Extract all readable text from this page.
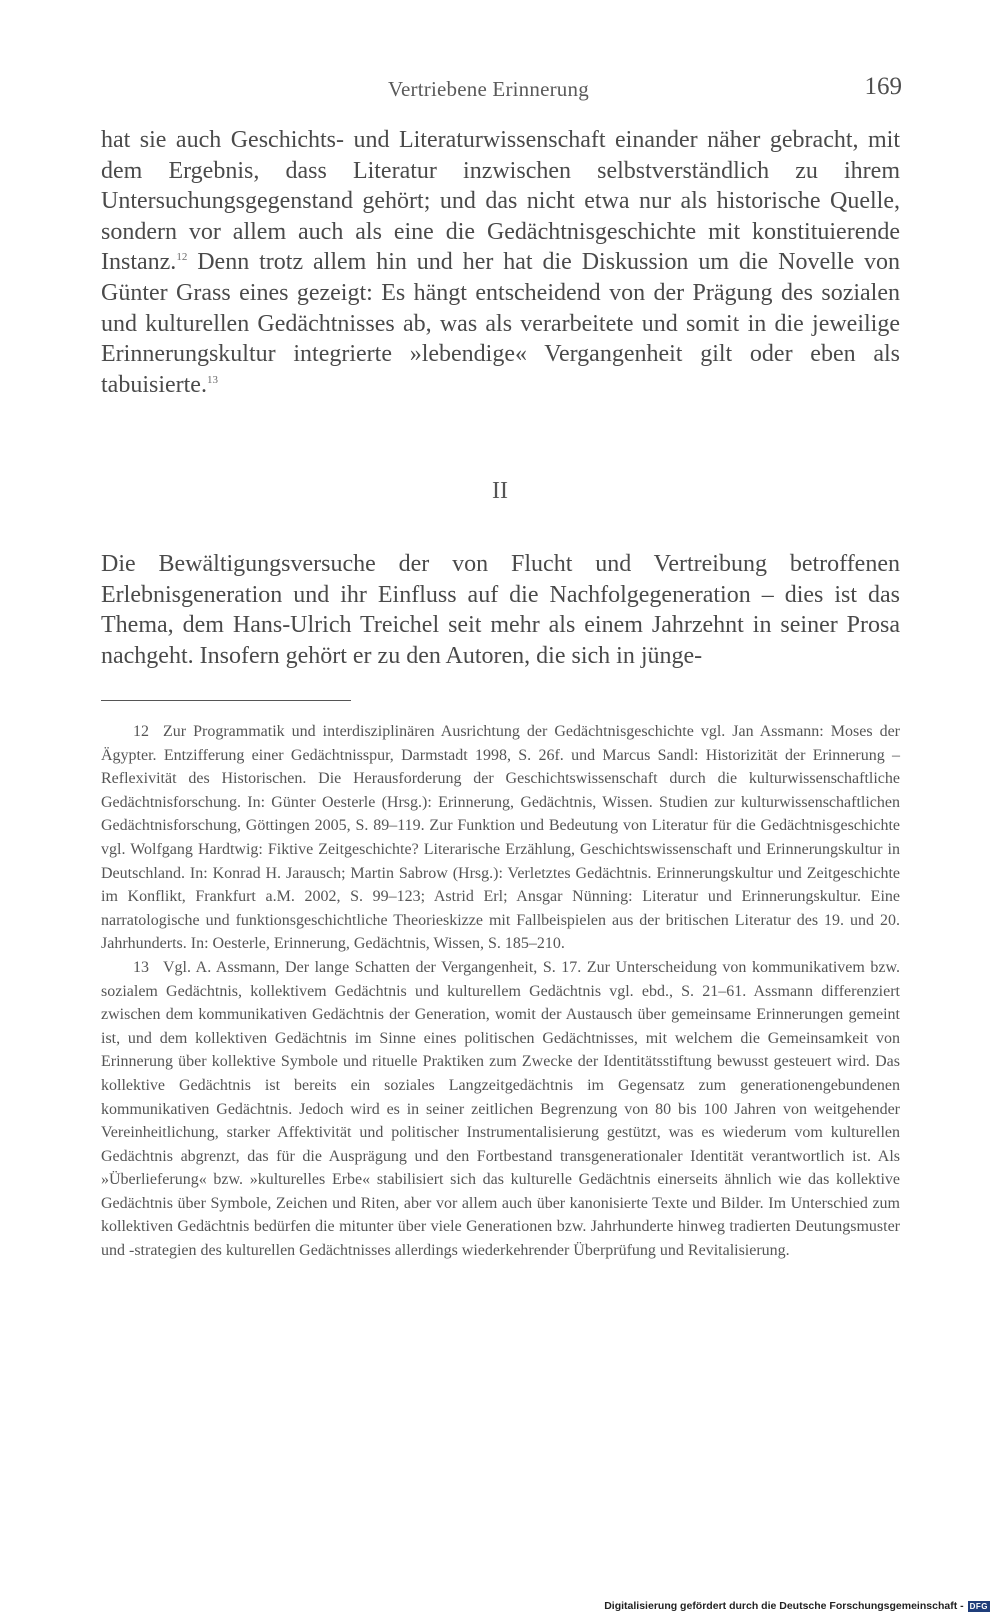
Vertriebene Erinnerung	169

hat sie auch Geschichts- und Literaturwissenschaft einander näher gebracht, mit dem Ergebnis, dass Literatur inzwischen selbstverständlich zu ihrem Untersuchungsgegenstand gehört; und das nicht etwa nur als historische Quelle, sondern vor allem auch als eine die Gedächtnisgeschichte mit konstituierende Instanz.$^{12}$ Denn trotz allem hin und her hat die Diskussion um die Novelle von Günter Grass eines gezeigt: Es hängt entscheidend von der Prägung des sozialen und kulturellen Gedächtnisses ab, was als verarbeitete und somit in die jeweilige Erinnerungskultur integrierte »lebendige« Vergangenheit gilt oder eben als tabuisierte.$^{13}$

II

Die Bewältigungsversuche der von Flucht und Vertreibung betroffenen Erlebnisgeneration und ihr Einfluss auf die Nachfolgegeneration – dies ist das Thema, dem Hans-Ulrich Treichel seit mehr als einem Jahrzehnt in seiner Prosa nachgeht. Insofern gehört er zu den Autoren, die sich in jünge-

12 Zur Programmatik und interdisziplinären Ausrichtung der Gedächtnisgeschichte vgl. Jan Assmann: Moses der Ägypter. Entzifferung einer Gedächtnisspur, Darmstadt 1998, S. 26f. und Marcus Sandl: Historizität der Erinnerung – Reflexivität des Historischen. Die Herausforderung der Geschichtswissenschaft durch die kulturwissenschaftliche Gedächtnisforschung. In: Günter Oesterle (Hrsg.): Erinnerung, Gedächtnis, Wissen. Studien zur kulturwissenschaftlichen Gedächtnisforschung, Göttingen 2005, S. 89–119. Zur Funktion und Bedeutung von Literatur für die Gedächtnisgeschichte vgl. Wolfgang Hardtwig: Fiktive Zeitgeschichte? Literarische Erzählung, Geschichtswissenschaft und Erinnerungskultur in Deutschland. In: Konrad H. Jarausch; Martin Sabrow (Hrsg.): Verletztes Gedächtnis. Erinnerungskultur und Zeitgeschichte im Konflikt, Frankfurt a.M. 2002, S. 99–123; Astrid Erl; Ansgar Nünning: Literatur und Erinnerungskultur. Eine narratologische und funktionsgeschichtliche Theorieskizze mit Fallbeispielen aus der britischen Literatur des 19. und 20. Jahrhunderts. In: Oesterle, Erinnerung, Gedächtnis, Wissen, S. 185–210.

13 Vgl. A. Assmann, Der lange Schatten der Vergangenheit, S. 17. Zur Unterscheidung von kommunikativem bzw. sozialem Gedächtnis, kollektivem Gedächtnis und kulturellem Gedächtnis vgl. ebd., S. 21–61. Assmann differenziert zwischen dem kommunikativen Gedächtnis der Generation, womit der Austausch über gemeinsame Erinnerungen gemeint ist, und dem kollektiven Gedächtnis im Sinne eines politischen Gedächtnisses, mit welchem die Gemeinsamkeit von Erinnerung über kollektive Symbole und rituelle Praktiken zum Zwecke der Identitätsstiftung bewusst gesteuert wird. Das kollektive Gedächtnis ist bereits ein soziales Langzeitgedächtnis im Gegensatz zum generationengebundenen kommunikativen Gedächtnis. Jedoch wird es in seiner zeitlichen Begrenzung von 80 bis 100 Jahren von weitgehender Vereinheitlichung, starker Affektivität und politischer Instrumentalisierung gestützt, was es wiederum vom kulturellen Gedächtnis abgrenzt, das für die Ausprägung und den Fortbestand transgenerationaler Identität verantwortlich ist. Als »Überlieferung« bzw. »kulturelles Erbe« stabilisiert sich das kulturelle Gedächtnis einerseits ähnlich wie das kollektive Gedächtnis über Symbole, Zeichen und Riten, aber vor allem auch über kanonisierte Texte und Bilder. Im Unterschied zum kollektiven Gedächtnis bedürfen die mitunter über viele Generationen bzw. Jahrhunderte hinweg tradierten Deutungsmuster und -strategien des kulturellen Gedächtnisses allerdings wiederkehrender Überprüfung und Revitalisierung.

Digitalisierung gefördert durch die Deutsche Forschungsgemeinschaft - DFG
